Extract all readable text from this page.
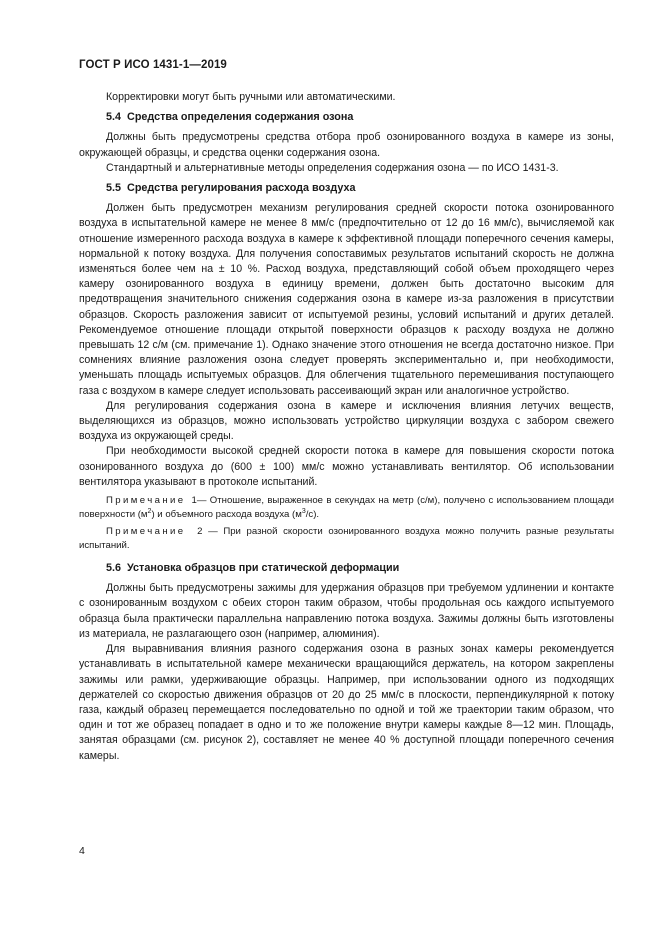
ГОСТ Р ИСО 1431-1—2019

Корректировки могут быть ручными или автоматическими.

5.4 Средства определения содержания озона

Должны быть предусмотрены средства отбора проб озонированного воздуха в камере из зоны, окружающей образцы, и средства оценки содержания озона.

Стандартный и альтернативные методы определения содержания озона — по ИСО 1431-3.

5.5 Средства регулирования расхода воздуха

Должен быть предусмотрен механизм регулирования средней скорости потока озонированного воздуха в испытательной камере не менее 8 мм/с (предпочтительно от 12 до 16 мм/с), вычисляемой как отношение измеренного расхода воздуха в камере к эффективной площади поперечного сечения камеры, нормальной к потоку воздуха. Для получения сопоставимых результатов испытаний скорость не должна изменяться более чем на ± 10 %. Расход воздуха, представляющий собой объем проходящего через камеру озонированного воздуха в единицу времени, должен быть достаточно высоким для предотвращения значительного снижения содержания озона в камере из-за разложения в присутствии образцов. Скорость разложения зависит от испытуемой резины, условий испытаний и других деталей. Рекомендуемое отношение площади открытой поверхности образцов к расходу воздуха не должно превышать 12 с/м (см. примечание 1). Однако значение этого отношения не всегда достаточно низкое. При сомнениях влияние разложения озона следует проверять экспериментально и, при необходимости, уменьшать площадь испытуемых образцов. Для облегчения тщательного перемешивания поступающего газа с воздухом в камере следует использовать рассеивающий экран или аналогичное устройство.

Для регулирования содержания озона в камере и исключения влияния летучих веществ, выделяющихся из образцов, можно использовать устройство циркуляции воздуха с забором свежего воздуха из окружающей среды.

При необходимости высокой средней скорости потока в камере для повышения скорости потока озонированного воздуха до (600 ± 100) мм/с можно устанавливать вентилятор. Об использовании вентилятора указывают в протоколе испытаний.

Примечание 1— Отношение, выраженное в секундах на метр (с/м), получено с использованием площади поверхности $(м^2)$ и объемного расхода воздуха $(м^3/с)$.

Примечание 2 — При разной скорости озонированного воздуха можно получить разные результаты испытаний.

5.6 Установка образцов при статической деформации

Должны быть предусмотрены зажимы для удержания образцов при требуемом удлинении и контакте с озонированным воздухом с обеих сторон таким образом, чтобы продольная ось каждого испытуемого образца была практически параллельна направлению потока воздуха. Зажимы должны быть изготовлены из материала, не разлагающего озон (например, алюминия).

Для выравнивания влияния разного содержания озона в разных зонах камеры рекомендуется устанавливать в испытательной камере механически вращающийся держатель, на котором закреплены зажимы или рамки, удерживающие образцы. Например, при использовании одного из подходящих держателей со скоростью движения образцов от 20 до 25 мм/с в плоскости, перпендикулярной к потоку газа, каждый образец перемещается последовательно по одной и той же траектории таким образом, что один и тот же образец попадает в одно и то же положение внутри камеры каждые 8—12 мин. Площадь, занятая образцами (см. рисунок 2), составляет не менее 40 % доступной площади поперечного сечения камеры.

4
